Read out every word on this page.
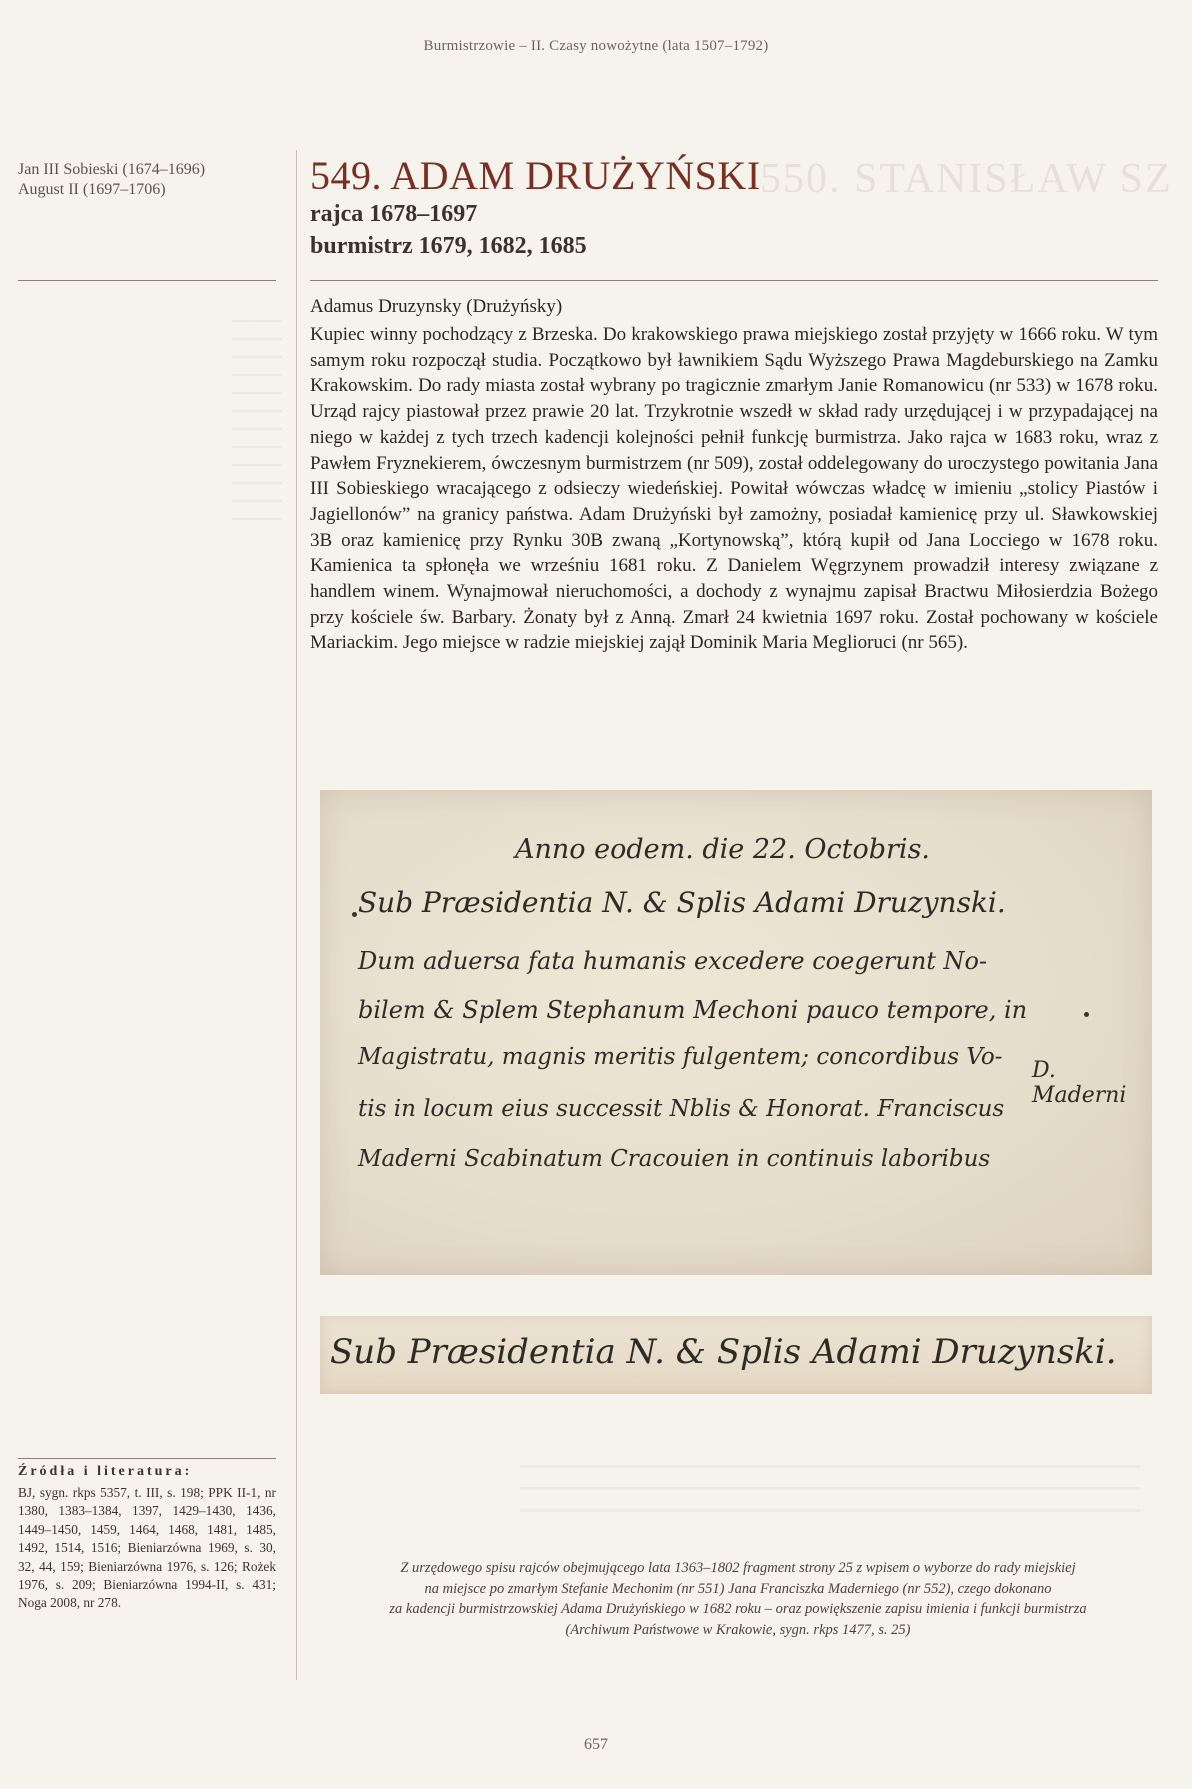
Burmistrzowie – II. Czasy nowożytne (lata 1507–1792)
Jan III Sobieski (1674–1696)
August II (1697–1706)	550. STANISŁAW SZ
549. ADAM DRUŻYŃSKI
rajca 1678–1697
burmistrz 1679, 1682, 1685
Adamus Druzynsky (Drużyńsky)
Kupiec winny pochodzący z Brzeska. Do krakowskiego prawa miejskiego został przyjęty w 1666 roku. W tym samym roku rozpoczął studia. Początkowo był ławnikiem Sądu Wyższego Prawa Magdeburskiego na Zamku Krakowskim. Do rady miasta został wybrany po tragicznie zmarłym Janie Romanowicu (nr 533) w 1678 roku. Urząd rajcy piastował przez prawie 20 lat. Trzykrotnie wszedł w skład rady urzędującej i w przypadającej na niego w każdej z tych trzech kadencji kolejności pełnił funkcję burmistrza. Jako rajca w 1683 roku, wraz z Pawłem Fryznekierem, ówczesnym burmistrzem (nr 509), został oddelegowany do uroczystego powitania Jana III Sobieskiego wracającego z odsieczy wiedeńskiej. Powitał wówczas władcę w imieniu „stolicy Piastów i Jagiellonów” na granicy państwa. Adam Drużyński był zamożny, posiadał kamienicę przy ul. Sławkowskiej 3B oraz kamienicę przy Rynku 30B zwaną „Kortynowską”, którą kupił od Jana Locciego w 1678 roku. Kamienica ta spłonęła we wrześniu 1681 roku. Z Danielem Węgrzynem prowadził interesy związane z handlem winem. Wynajmował nieruchomości, a dochody z wynajmu zapisał Bractwu Miłosierdzia Bożego przy kościele św. Barbary. Żonaty był z Anną. Zmarł 24 kwietnia 1697 roku. Został pochowany w kościele Mariackim. Jego miejsce w radzie miejskiej zajął Dominik Maria Meglioruci (nr 565).
Anno eodem. die 22. Octobris.
Sub Præsidentia N. & Splis Adami Druzynski.
Dum aduersa fata humanis excedere coegerunt No-
bilem & Splem Stephanum Mechoni pauco tempore, in
Magistratu, magnis meritis fulgentem; concordibus Vo-
tis in locum eius successit Nblis & Honorat. Franciscus
Maderni Scabinatum Cracouien in continuis laboribus
D. Maderni
Sub Præsidentia N. & Splis Adami Druzynski.
Z urzędowego spisu rajców obejmującego lata 1363–1802 fragment strony 25 z wpisem o wyborze do rady miejskiej
na miejsce po zmarłym Stefanie Mechonim (nr 551) Jana Franciszka Maderniego (nr 552), czego dokonano
za kadencji burmistrzowskiej Adama Drużyńskiego w 1682 roku – oraz powiększenie zapisu imienia i funkcji burmistrza
(Archiwum Państwowe w Krakowie, sygn. rkps 1477, s. 25)
Źródła i literatura:
BJ, sygn. rkps 5357, t. III, s. 198; PPK II-1, nr 1380, 1383–1384, 1397, 1429–1430, 1436, 1449–1450, 1459, 1464, 1468, 1481, 1485, 1492, 1514, 1516; Bieniarzówna 1969, s. 30, 32, 44, 159; Bieniarzówna 1976, s. 126; Rożek 1976, s. 209; Bieniarzówna 1994-II, s. 431; Noga 2008, nr 278.
657
